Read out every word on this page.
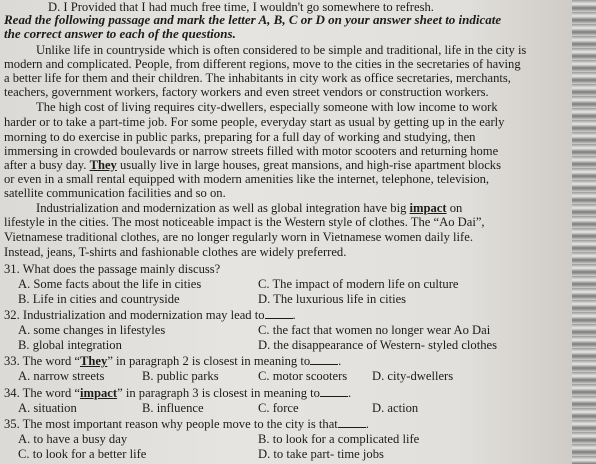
D. I Provided that I had much free time, I wouldn't go somewhere to refresh.
Read the following passage and mark the letter A, B, C or D on your answer sheet to indicate
the correct answer to each of the questions.
Unlike life in countryside which is often considered to be simple and traditional, life in the city is
modern and complicated. People, from different regions, move to the cities in the secretaries of having
a better life for them and their children. The inhabitants in city work as office secretaries, merchants,
teachers, government workers, factory workers and even street vendors or construction workers.
The high cost of living requires city-dwellers, especially someone with low income to work
harder or to take a part-time job. For some people, everyday start as usual by getting up in the early
morning to do exercise in public parks, preparing for a full day of working and studying, then
immersing in crowded boulevards or narrow streets filled with motor scooters and returning home
after a busy day. They usually live in large houses, great mansions, and high-rise apartment blocks
or even in a small rental equipped with modern amenities like the internet, telephone, television,
satellite communication facilities and so on.
Industrialization and modernization as well as global integration have big impact on
lifestyle in the cities. The most noticeable impact is the Western style of clothes. The “Ao Dai”,
Vietnamese traditional clothes, are no longer regularly worn in Vietnamese women daily life.
Instead, jeans, T-shirts and fashionable clothes are widely preferred.
31. What does the passage mainly discuss?
A. Some facts about the life in cities	C. The impact of modern life on culture
B. Life in cities and countryside	D. The luxurious life in cities
32. Industrialization and modernization may lead to .
A. some changes in lifestyles	C. the fact that women no longer wear Ao Dai
B. global integration	D. the disappearance of Western- styled clothes
33. The word “They” in paragraph 2 is closest in meaning to .
A. narrow streets	B. public parks	C. motor scooters D. city-dwellers
34. The word “impact” in paragraph 3 is closest in meaning to .
A. situation	B. influence	C. force	D. action
35. The most important reason why people move to the city is that .
A. to have a busy day	B. to look for a complicated life
C. to look for a better life	D. to take part- time jobs
